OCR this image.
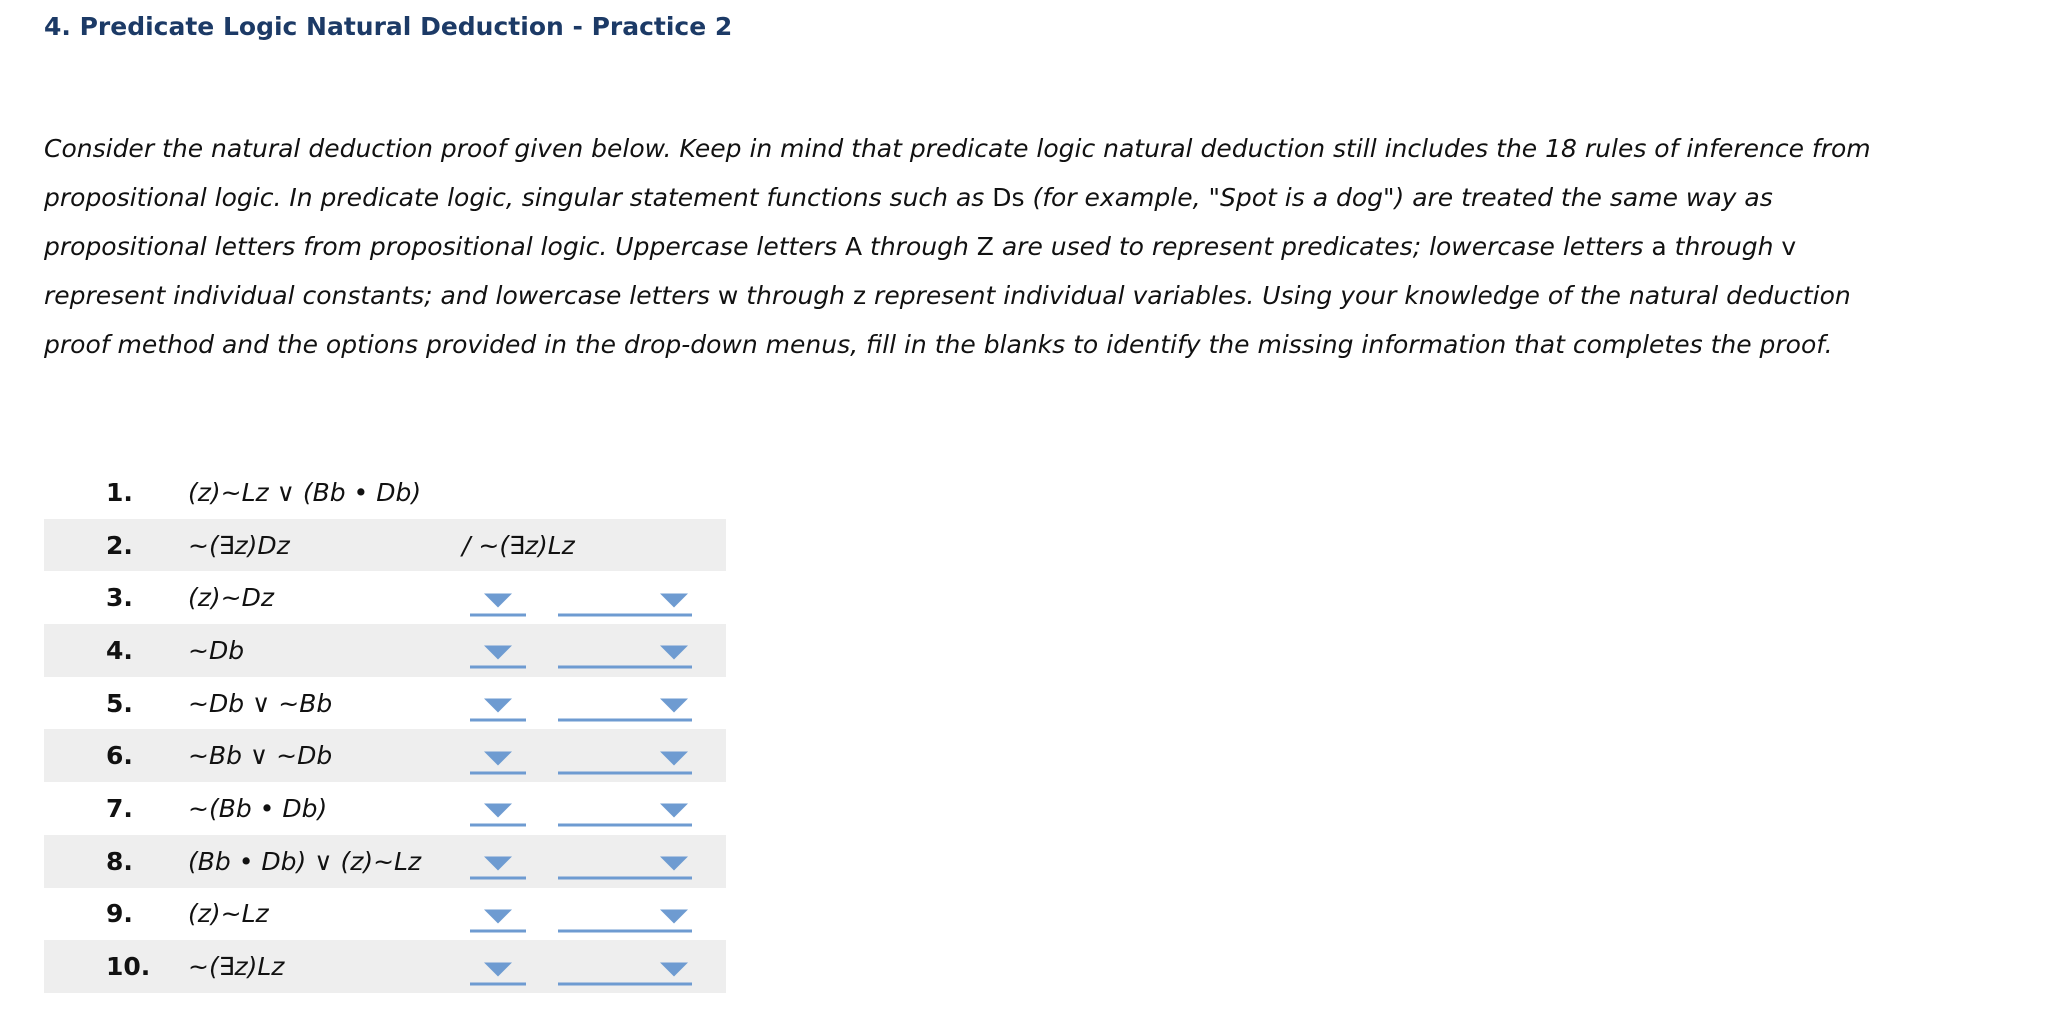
4. Predicate Logic Natural Deduction - Practice 2

Consider the natural deduction proof given below. Keep in mind that predicate logic natural deduction still includes the 18 rules of inference from propositional logic. In predicate logic, singular statement functions such as Ds (for example, "Spot is a dog") are treated the same way as propositional letters from propositional logic. Uppercase letters A through Z are used to represent predicates; lowercase letters a through v represent individual constants; and lowercase letters w through z represent individual variables. Using your knowledge of the natural deduction proof method and the options provided in the drop-down menus, fill in the blanks to identify the missing information that completes the proof.

1. (z)~Lz ∨ (Bb • Db)
2. ~(∃z)Dz	/ ~(∃z)Lz
3. (z)~Dz
4. ~Db
5. ~Db ∨ ~Bb
6. ~Bb ∨ ~Db
7. ~(Bb • Db)
8. (Bb • Db) ∨ (z)~Lz
9. (z)~Lz
10. ~(∃z)Lz
